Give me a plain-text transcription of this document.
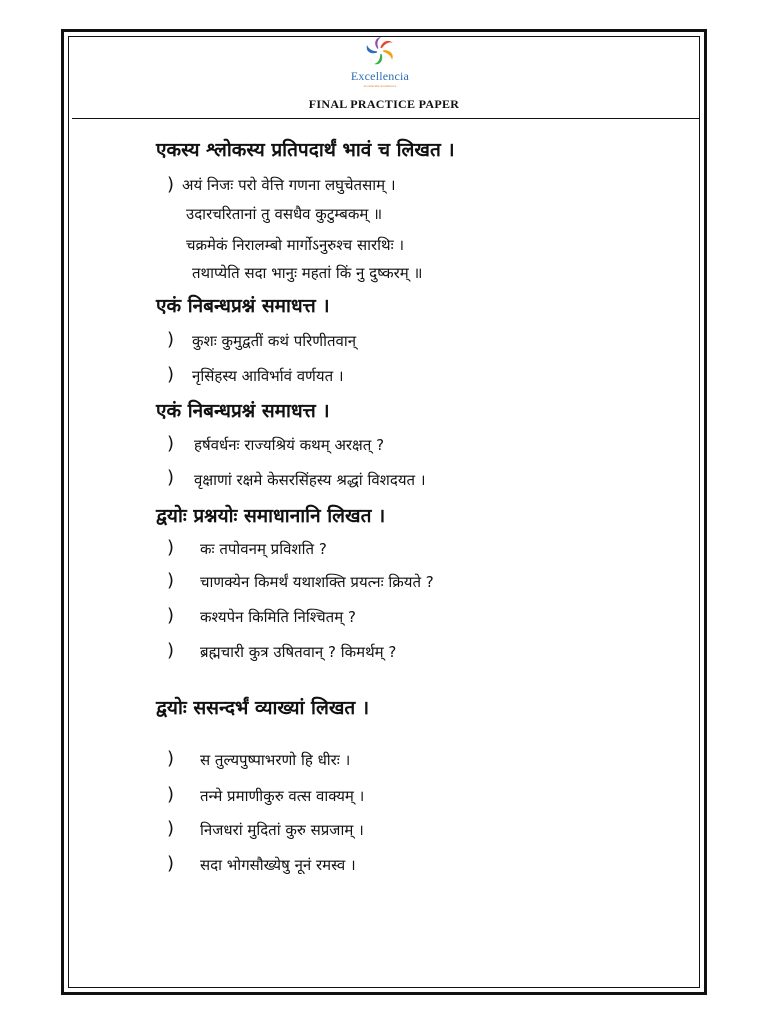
Excellencia
accelerate excellence
FINAL PRACTICE PAPER
एकस्य श्लोकस्य प्रतिपदार्थं भावं च लिखत ।
) अयं निजः परो वेत्ति गणना लघुचेतसाम् ।
उदारचरितानां तु वसधैव कुटुम्बकम् ॥
चक्रमेकं निरालम्बो मार्गोऽनुरुश्च सारथिः ।
तथाप्येति सदा भानुः महतां किं नु दुष्करम् ॥
एकं निबन्धप्रश्नं समाधत्त ।
) कुशः कुमुद्वतीं कथं परिणीतवान्
) नृसिंहस्य आविर्भावं वर्णयत ।
एकं निबन्धप्रश्नं समाधत्त ।
) हर्षवर्धनः राज्यश्रियं कथम् अरक्षत् ?
) वृक्षाणां रक्षमे केसरसिंहस्य श्रद्धां विशदयत ।
द्वयोः प्रश्नयोः समाधानानि लिखत ।
) कः तपोवनम् प्रविशति ?
) चाणक्येन किमर्थं यथाशक्ति प्रयत्नः क्रियते ?
) कश्यपेन किमिति निश्चितम् ?
) ब्रह्मचारी कुत्र उषितवान् ? किमर्थम् ?
द्वयोः ससन्दर्भं व्याख्यां लिखत ।
) स तुल्यपुष्पाभरणो हि धीरः ।
) तन्मे प्रमाणीकुरु वत्स वाक्यम् ।
) निजधरां मुदितां कुरु सप्रजाम् ।
) सदा भोगसौख्येषु नूनं रमस्व ।
